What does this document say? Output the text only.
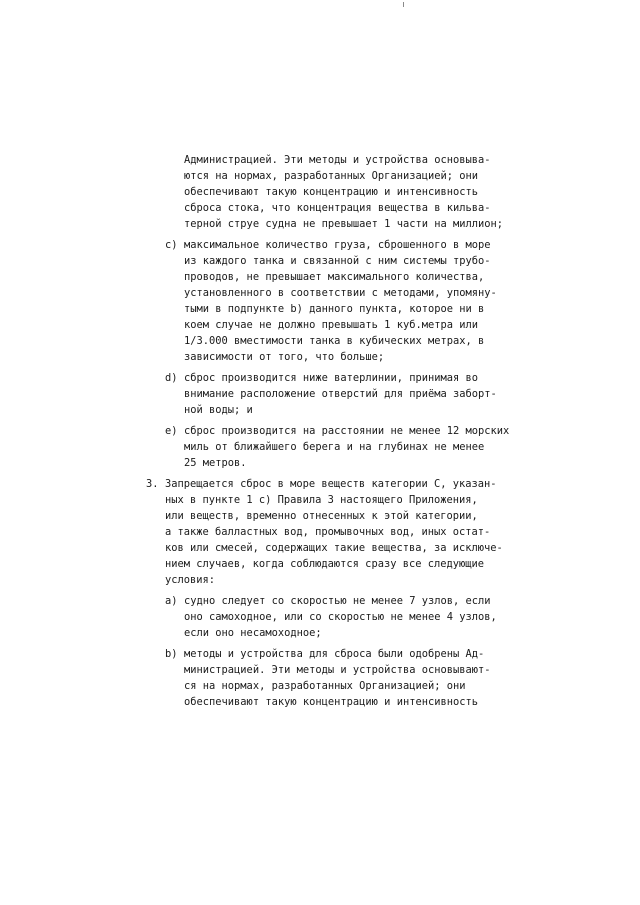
Администрацией. Эти методы и устройства основыва-
ются на нормах, разработанных Организацией; они
обеспечивают такую концентрацию и интенсивность
сброса стока, что концентрация вещества в кильва-
терной струе судна не превышает 1 части на миллион;
c) максимальное количество груза, сброшенного в море
из каждого танка и связанной с ним системы трубо-
проводов, не превышает максимального количества,
установленного в соответствии с методами, упомяну-
тыми в подпункте b) данного пункта, которое ни в
коем случае не должно превышать 1 куб.метра или
1/3.000 вместимости танка в кубических метрах, в
зависимости от того, что больше;
d) сброс производится ниже ватерлинии, принимая во
внимание расположение отверстий для приёма заборт-
ной воды; и
e) сброс производится на расстоянии не менее 12 морских
миль от ближайшего берега и на глубинах не менее
25 метров.
3. Запрещается сброс в море веществ категории C, указан-
ных в пункте 1 c) Правила 3 настоящего Приложения,
или веществ, временно отнесенных к этой категории,
а также балластных вод, промывочных вод, иных остат-
ков или смесей, содержащих такие вещества, за исключе-
нием случаев, когда соблюдаются сразу все следующие
условия:
a) судно следует со скоростью не менее 7 узлов, если
оно самоходное, или со скоростью не менее 4 узлов,
если оно несамоходное;
b) методы и устройства для сброса были одобрены Ад-
министрацией. Эти методы и устройства основывают-
ся на нормах, разработанных Организацией; они
обеспечивают такую концентрацию и интенсивность
